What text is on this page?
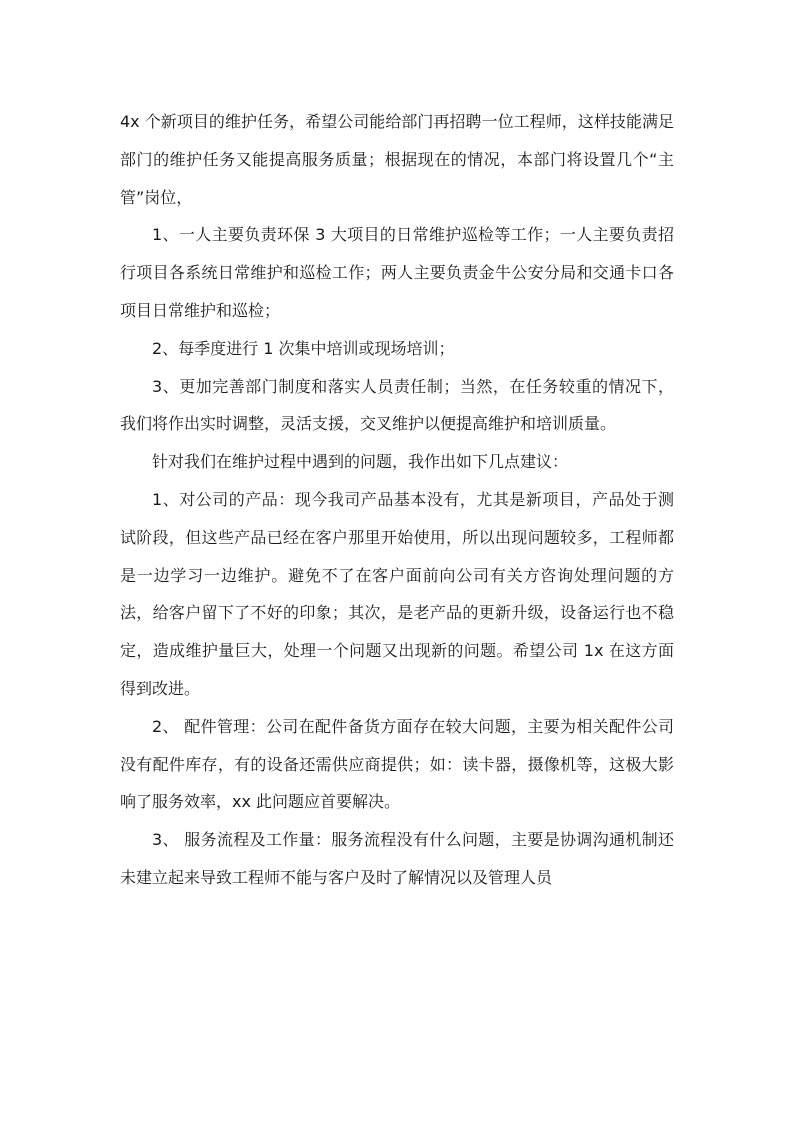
4x 个新项目的维护任务，希望公司能给部门再招聘一位工程师，这样技能满足部门的维护任务又能提高服务质量；根据现在的情况，本部门将设置几个“主管”岗位，

1、一人主要负责环保 3 大项目的日常维护巡检等工作；一人主要负责招行项目各系统日常维护和巡检工作；两人主要负责金牛公安分局和交通卡口各项目日常维护和巡检；

2、每季度进行 1 次集中培训或现场培训；

3、更加完善部门制度和落实人员责任制；当然，在任务较重的情况下，我们将作出实时调整，灵活支援，交叉维护以便提高维护和培训质量。

针对我们在维护过程中遇到的问题，我作出如下几点建议：

1、对公司的产品：现今我司产品基本没有，尤其是新项目，产品处于测试阶段，但这些产品已经在客户那里开始使用，所以出现问题较多，工程师都是一边学习一边维护。避免不了在客户面前向公司有关方咨询处理问题的方法，给客户留下了不好的印象；其次，是老产品的更新升级，设备运行也不稳定，造成维护量巨大，处理一个问题又出现新的问题。希望公司 1x 在这方面得到改进。

2、 配件管理：公司在配件备货方面存在较大问题，主要为相关配件公司没有配件库存，有的设备还需供应商提供；如：读卡器，摄像机等，这极大影响了服务效率，xx 此问题应首要解决。

3、 服务流程及工作量：服务流程没有什么问题，主要是协调沟通机制还未建立起来导致工程师不能与客户及时了解情况以及管理人员
